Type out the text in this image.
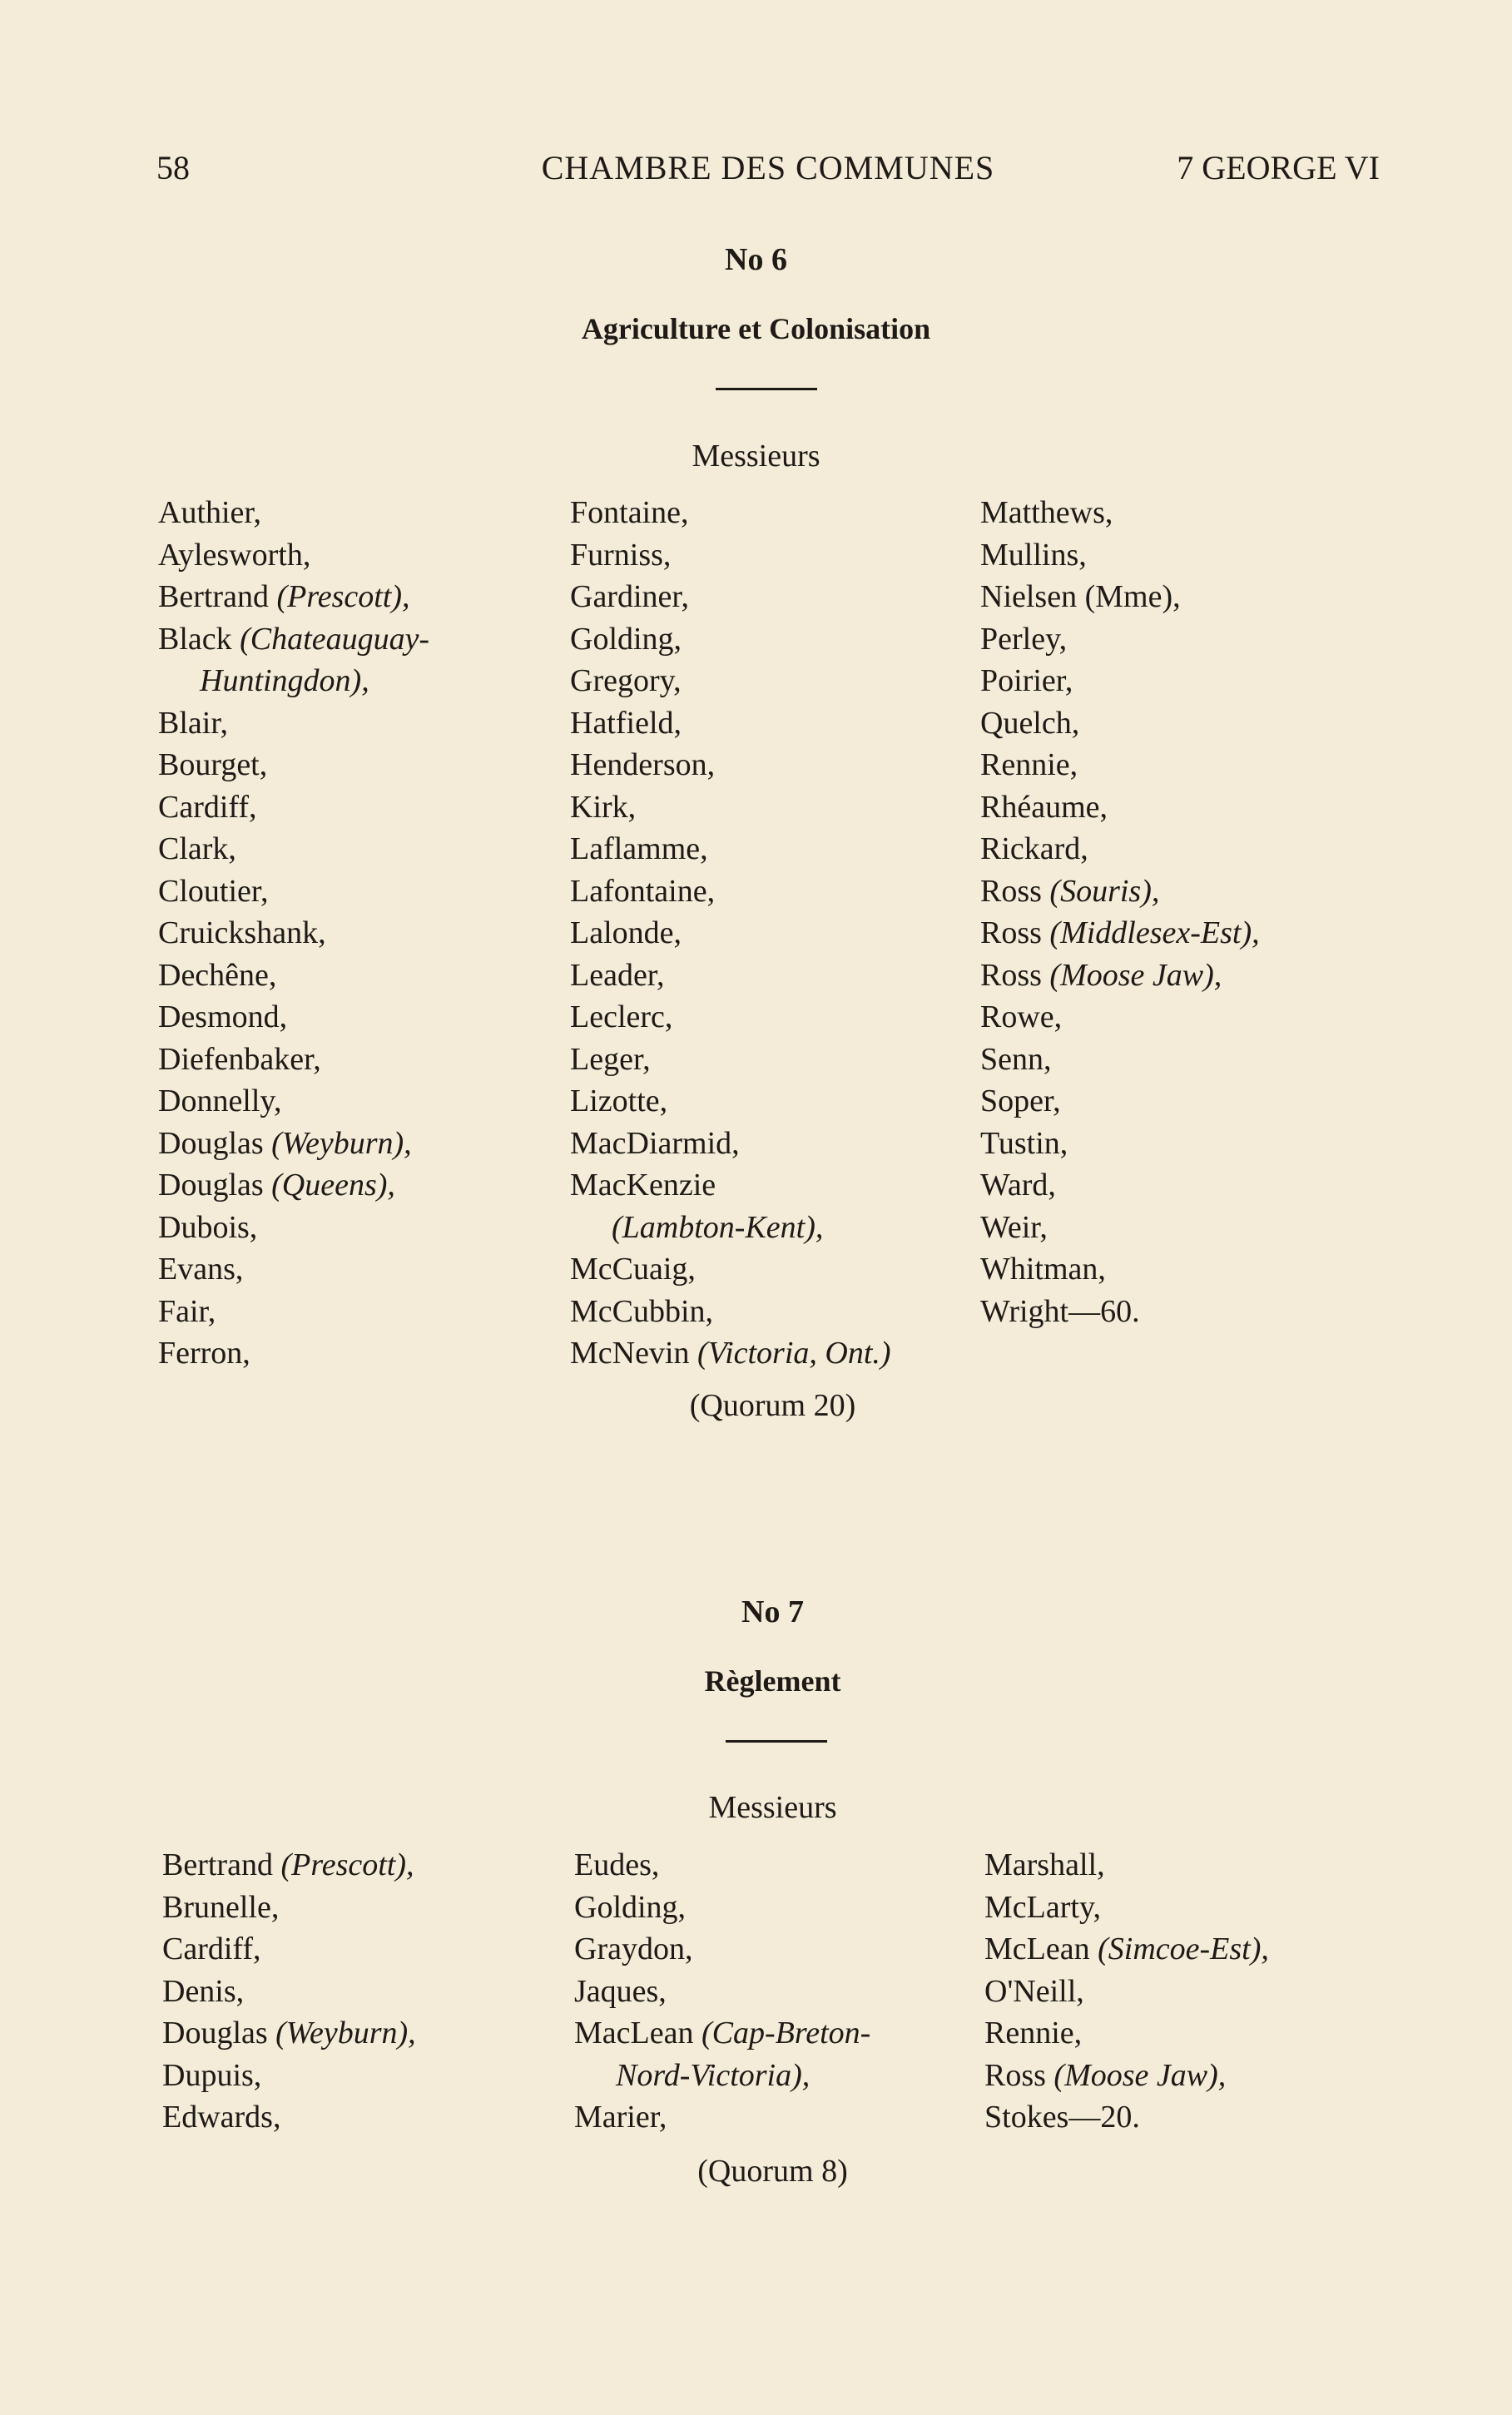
58	CHAMBRE DES COMMUNES	7 GEORGE VI
No 6
Agriculture et Colonisation
Messieurs
Authier,
Aylesworth,
Bertrand (Prescott),
Black (Chateauguay-
Huntingdon),
Blair,
Bourget,
Cardiff,
Clark,
Cloutier,
Cruickshank,
Dechêne,
Desmond,
Diefenbaker,
Donnelly,
Douglas (Weyburn),
Douglas (Queens),
Dubois,
Evans,
Fair,
Ferron,
Fontaine,
Furniss,
Gardiner,
Golding,
Gregory,
Hatfield,
Henderson,
Kirk,
Laflamme,
Lafontaine,
Lalonde,
Leader,
Leclerc,
Leger,
Lizotte,
MacDiarmid,
MacKenzie
(Lambton-Kent),
McCuaig,
McCubbin,
McNevin (Victoria, Ont.)
Matthews,
Mullins,
Nielsen (Mme),
Perley,
Poirier,
Quelch,
Rennie,
Rhéaume,
Rickard,
Ross (Souris),
Ross (Middlesex-Est),
Ross (Moose Jaw),
Rowe,
Senn,
Soper,
Tustin,
Ward,
Weir,
Whitman,
Wright—60.
(Quorum 20)
No 7
Règlement
Messieurs
Bertrand (Prescott),
Brunelle,
Cardiff,
Denis,
Douglas (Weyburn),
Dupuis,
Edwards,
Eudes,
Golding,
Graydon,
Jaques,
MacLean (Cap-Breton-
Nord-Victoria),
Marier,
Marshall,
McLarty,
McLean (Simcoe-Est),
O'Neill,
Rennie,
Ross (Moose Jaw),
Stokes—20.
(Quorum 8)
